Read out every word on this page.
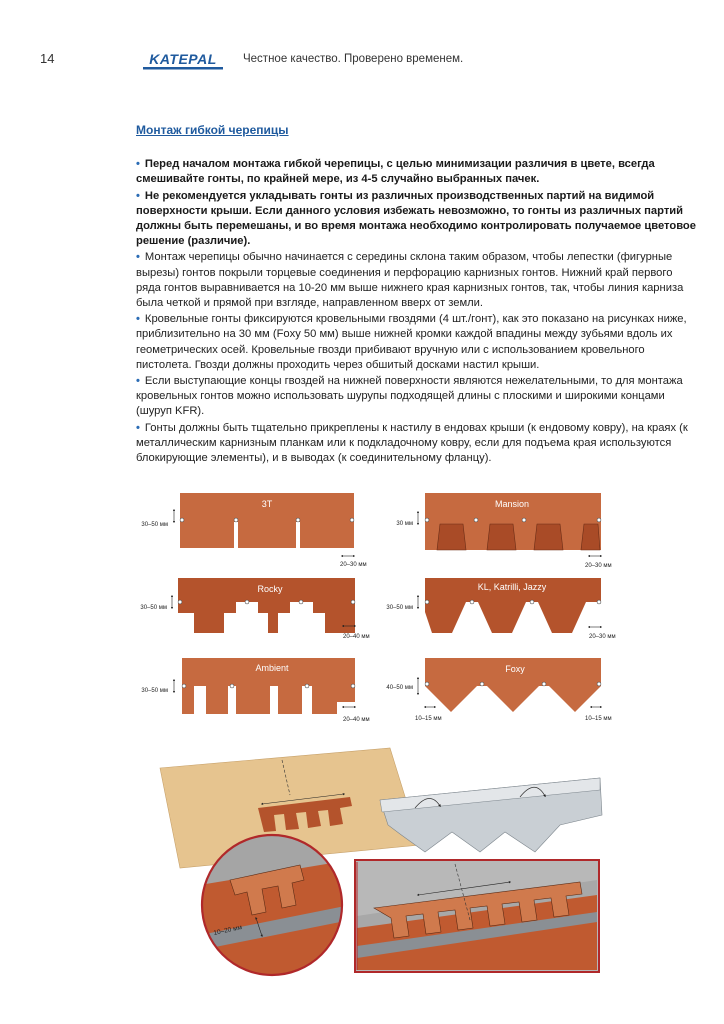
14	KATEPAL Честное качество. Проверено временем.
Монтаж гибкой черепицы
• Перед началом монтажа гибкой черепицы, с целью минимизации различия в цвете, всегда смешивайте гонты, по крайней мере, из 4-5 случайно выбранных пачек.
• Не рекомендуется укладывать гонты из различных производственных партий на видимой поверхности крыши. Если данного условия избежать невозможно, то гонты из различных партий должны быть перемешаны, и во время монтажа необходимо контролировать получаемое цветовое решение (различие).
• Монтаж черепицы обычно начинается с середины склона таким образом, чтобы лепестки (фигурные вырезы) гонтов покрыли торцевые соединения и перфорацию карнизных гонтов. Нижний край первого ряда гонтов выравнивается на 10-20 мм выше нижнего края карнизных гонтов, так, чтобы линия карниза была четкой и прямой при взгляде, направленном вверх от земли.
• Кровельные гонты фиксируются кровельными гвоздями (4 шт./гонт), как это показано на рисунках ниже, приблизительно на 30 мм (Foxy 50 мм) выше нижней кромки каждой впадины между зубьями вдоль их геометрических осей. Кровельные гвозди прибивают вручную или с использованием кровельного пистолета. Гвозди должны проходить через обшитый досками настил крыши.
• Если выступающие концы гвоздей на нижней поверхности являются нежелательными, то для монтажа кровельных гонтов можно использовать шурупы подходящей длины с плоскими и широкими концами (шуруп KFR).
• Гонты должны быть тщательно прикреплены к настилу в ендовах крыши (к ендовому ковру), на краях (к металлическим карнизным планкам или к подкладочному ковру, если для подъема края используются блокирующие элементы), и в выводах (к соединительному фланцу).
3T
30–50 мм
20–30 мм
Mansion
30 мм
20–30 мм
Rocky
30–50 мм
20–40 мм
KL, Katrilli, Jazzy
30–50 мм
20–30 мм
Ambient
30–50 мм
20–40 мм
Foxy
40–50 мм
10–15 мм	10–15 мм
10–20 мм
